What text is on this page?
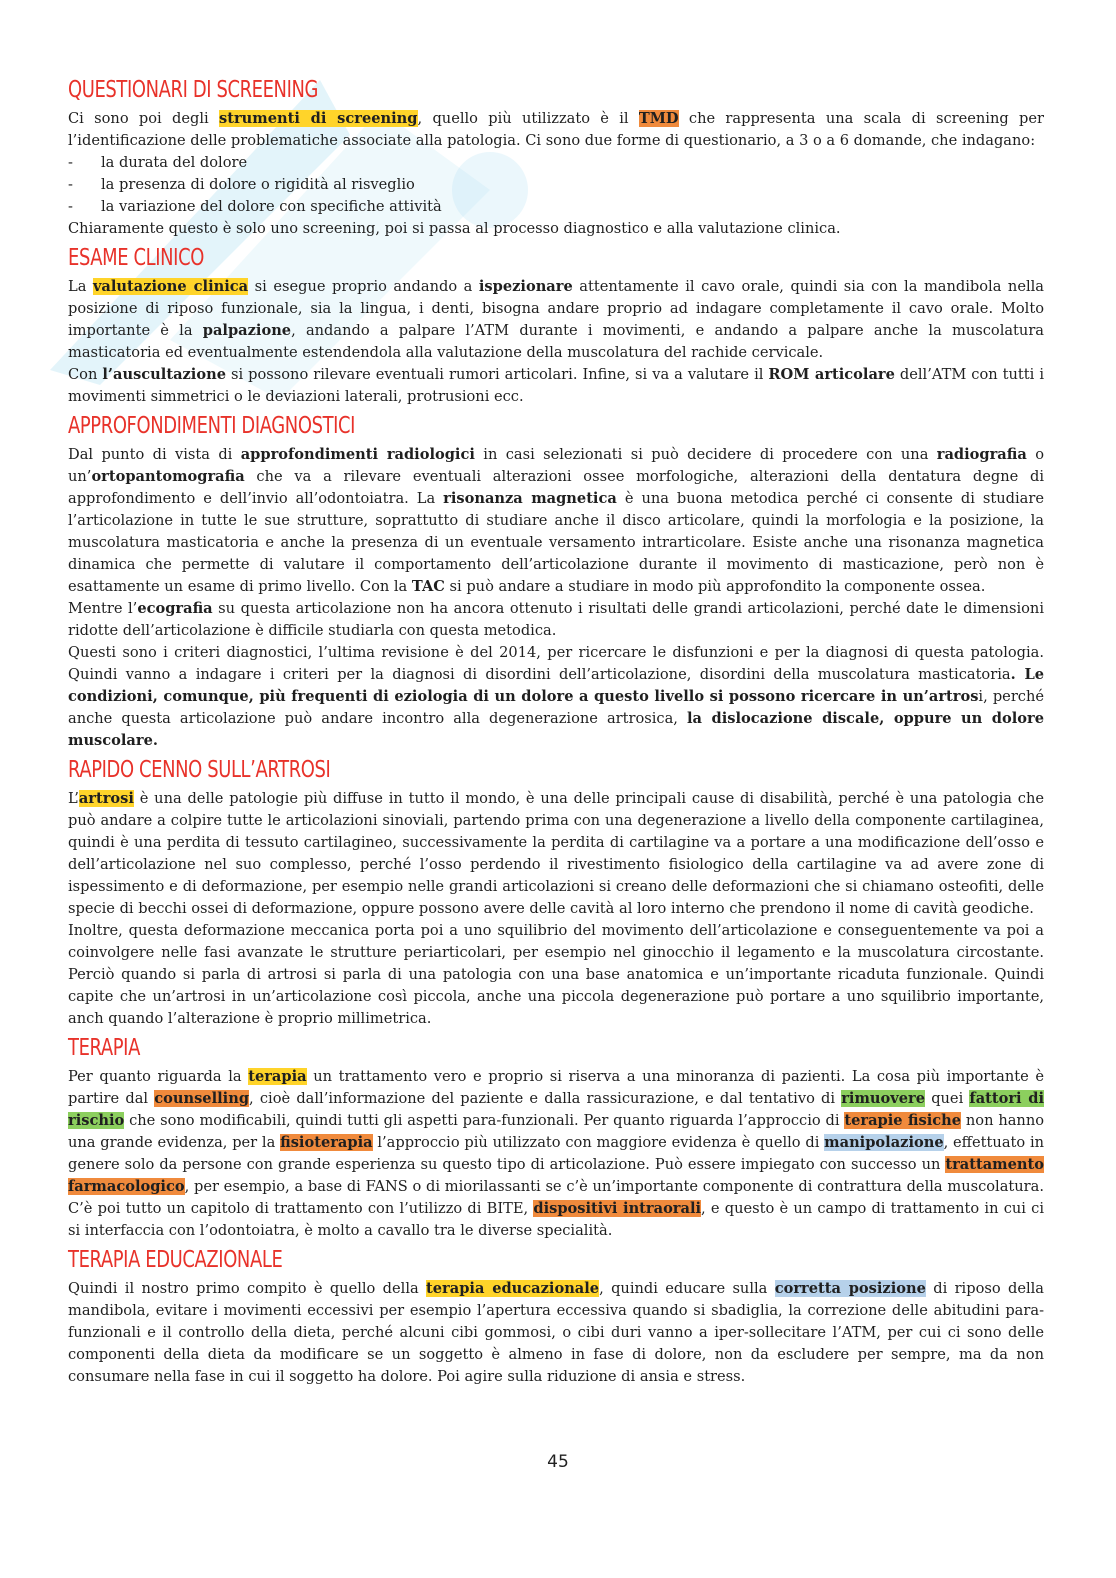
QUESTIONARI DI SCREENING

Ci sono poi degli strumenti di screening, quello più utilizzato è il TMD che rappresenta una scala di screening per l’identificazione delle problematiche associate alla patologia. Ci sono due forme di questionario, a 3 o a 6 domande, che indagano:

- la durata del dolore
- la presenza di dolore o rigidità al risveglio
- la variazione del dolore con specifiche attività

Chiaramente questo è solo uno screening, poi si passa al processo diagnostico e alla valutazione clinica.

ESAME CLINICO

La valutazione clinica si esegue proprio andando a ispezionare attentamente il cavo orale, quindi sia con la mandibola nella posizione di riposo funzionale, sia la lingua, i denti, bisogna andare proprio ad indagare completamente il cavo orale. Molto importante è la palpazione, andando a palpare l’ATM durante i movimenti, e andando a palpare anche la muscolatura masticatoria ed eventualmente estendendola alla valutazione della muscolatura del rachide cervicale.

Con l’auscultazione si possono rilevare eventuali rumori articolari. Infine, si va a valutare il ROM articolare dell’ATM con tutti i movimenti simmetrici o le deviazioni laterali, protrusioni ecc.

APPROFONDIMENTI DIAGNOSTICI

Dal punto di vista di approfondimenti radiologici in casi selezionati si può decidere di procedere con una radiografia o un’ortopantomografia che va a rilevare eventuali alterazioni ossee morfologiche, alterazioni della dentatura degne di approfondimento e dell’invio all’odontoiatra. La risonanza magnetica è una buona metodica perché ci consente di studiare l’articolazione in tutte le sue strutture, soprattutto di studiare anche il disco articolare, quindi la morfologia e la posizione, la muscolatura masticatoria e anche la presenza di un eventuale versamento intrarticolare. Esiste anche una risonanza magnetica dinamica che permette di valutare il comportamento dell’articolazione durante il movimento di masticazione, però non è esattamente un esame di primo livello. Con la TAC si può andare a studiare in modo più approfondito la componente ossea.

Mentre l’ecografia su questa articolazione non ha ancora ottenuto i risultati delle grandi articolazioni, perché date le dimensioni ridotte dell’articolazione è difficile studiarla con questa metodica.

Questi sono i criteri diagnostici, l’ultima revisione è del 2014, per ricercare le disfunzioni e per la diagnosi di questa patologia. Quindi vanno a indagare i criteri per la diagnosi di disordini dell’articolazione, disordini della muscolatura masticatoria. Le condizioni, comunque, più frequenti di eziologia di un dolore a questo livello si possono ricercare in un’artrosi, perché anche questa articolazione può andare incontro alla degenerazione artrosica, la dislocazione discale, oppure un dolore muscolare.

RAPIDO CENNO SULL’ARTROSI

L’artrosi è una delle patologie più diffuse in tutto il mondo, è una delle principali cause di disabilità, perché è una patologia che può andare a colpire tutte le articolazioni sinoviali, partendo prima con una degenerazione a livello della componente cartilaginea, quindi è una perdita di tessuto cartilagineo, successivamente la perdita di cartilagine va a portare a una modificazione dell’osso e dell’articolazione nel suo complesso, perché l’osso perdendo il rivestimento fisiologico della cartilagine va ad avere zone di ispessimento e di deformazione, per esempio nelle grandi articolazioni si creano delle deformazioni che si chiamano osteofiti, delle specie di becchi ossei di deformazione, oppure possono avere delle cavità al loro interno che prendono il nome di cavità geodiche.

Inoltre, questa deformazione meccanica porta poi a uno squilibrio del movimento dell’articolazione e conseguentemente va poi a coinvolgere nelle fasi avanzate le strutture periarticolari, per esempio nel ginocchio il legamento e la muscolatura circostante. Perciò quando si parla di artrosi si parla di una patologia con una base anatomica e un’importante ricaduta funzionale. Quindi capite che un’artrosi in un’articolazione così piccola, anche una piccola degenerazione può portare a uno squilibrio importante, anch quando l’alterazione è proprio millimetrica.

TERAPIA

Per quanto riguarda la terapia un trattamento vero e proprio si riserva a una minoranza di pazienti. La cosa più importante è partire dal counselling, cioè dall’informazione del paziente e dalla rassicurazione, e dal tentativo di rimuovere quei fattori di rischio che sono modificabili, quindi tutti gli aspetti para-funzionali. Per quanto riguarda l’approccio di terapie fisiche non hanno una grande evidenza, per la fisioterapia l’approccio più utilizzato con maggiore evidenza è quello di manipolazione, effettuato in genere solo da persone con grande esperienza su questo tipo di articolazione. Può essere impiegato con successo un trattamento farmacologico, per esempio, a base di FANS o di miorilassanti se c’è un’importante componente di contrattura della muscolatura. C’è poi tutto un capitolo di trattamento con l’utilizzo di BITE, dispositivi intraorali, e questo è un campo di trattamento in cui ci si interfaccia con l’odontoiatra, è molto a cavallo tra le diverse specialità.

TERAPIA EDUCAZIONALE

Quindi il nostro primo compito è quello della terapia educazionale, quindi educare sulla corretta posizione di riposo della mandibola, evitare i movimenti eccessivi per esempio l’apertura eccessiva quando si sbadiglia, la correzione delle abitudini para-funzionali e il controllo della dieta, perché alcuni cibi gommosi, o cibi duri vanno a iper-sollecitare l’ATM, per cui ci sono delle componenti della dieta da modificare se un soggetto è almeno in fase di dolore, non da escludere per sempre, ma da non consumare nella fase in cui il soggetto ha dolore. Poi agire sulla riduzione di ansia e stress.

45
